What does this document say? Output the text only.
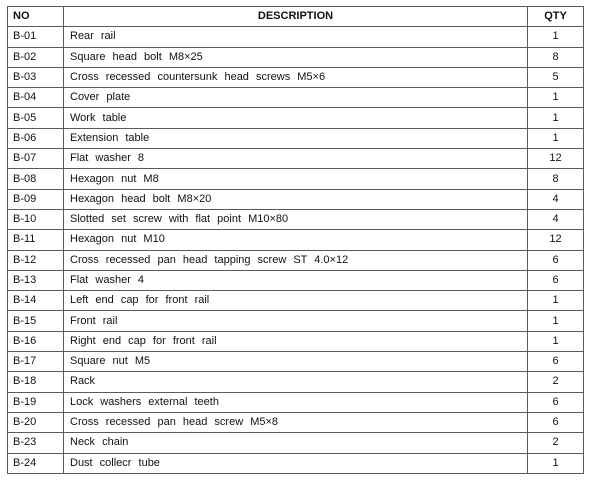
NO	DESCRIPTION	QTY
B-01	Rear rail	1
B-02	Square head bolt M8×25	8
B-03	Cross recessed countersunk head screws M5×6	5
B-04	Cover plate	1
B-05	Work table	1
B-06	Extension table	1
B-07	Flat washer 8	12
B-08	Hexagon nut M8	8
B-09	Hexagon head bolt M8×20	4
B-10	Slotted set screw with flat point M10×80	4
B-11	Hexagon nut M10	12
B-12	Cross recessed pan head tapping screw ST 4.0×12	6
B-13	Flat washer 4	6
B-14	Left end cap for front rail	1
B-15	Front rail	1
B-16	Right end cap for front rail	1
B-17	Square nut M5	6
B-18	Rack	2
B-19	Lock washers external teeth	6
B-20	Cross recessed pan head screw M5×8	6
B-23	Neck chain	2
B-24	Dust collecr tube	1
